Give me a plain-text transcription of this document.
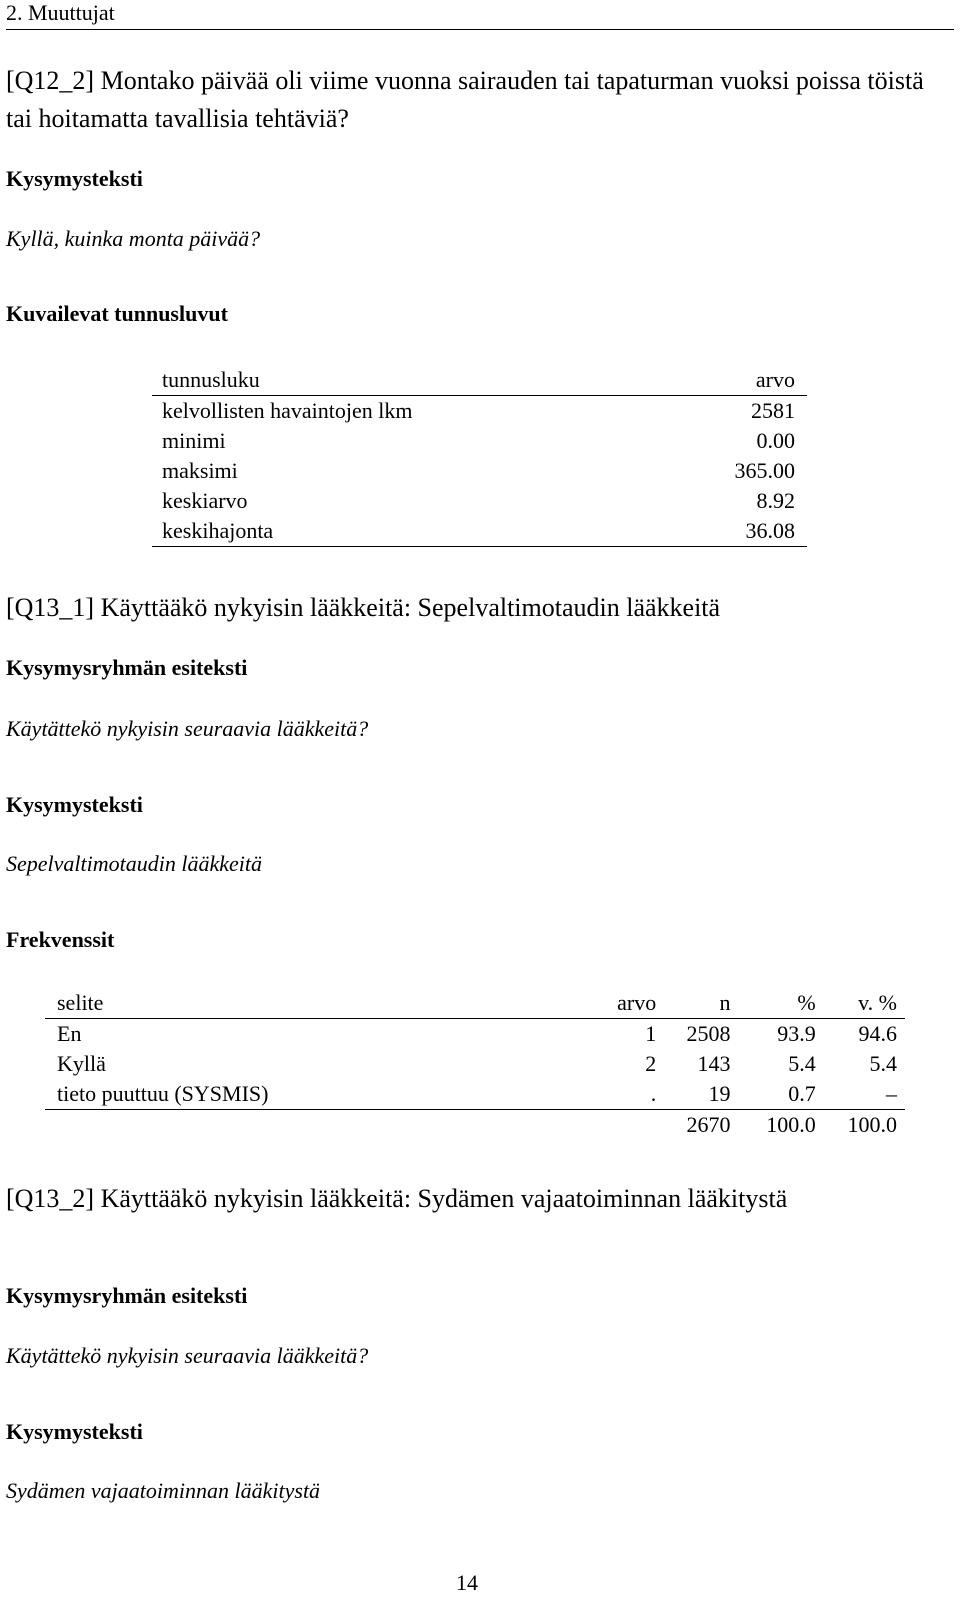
2. Muuttujat
[Q12_2] Montako päivää oli viime vuonna sairauden tai tapaturman vuoksi poissa töistä tai hoitamatta tavallisia tehtäviä?
Kysymysteksti
Kyllä, kuinka monta päivää?
Kuvailevat tunnusluvut
tunnusluku	arvo
kelvollisten havaintojen lkm	2581
minimi	0.00
maksimi	365.00
keskiarvo	8.92
keskihajonta	36.08
[Q13_1] Käyttääkö nykyisin lääkkeitä: Sepelvaltimotaudin lääkkeitä
Kysymysryhmän esiteksti
Käytättekö nykyisin seuraavia lääkkeitä?
Kysymysteksti
Sepelvaltimotaudin lääkkeitä
Frekvenssit
selite	arvo	n	%	v. %
En	1	2508	93.9	94.6
Kyllä	2	143	5.4	5.4
tieto puuttuu (SYSMIS)	.	19	0.7	–
		2670	100.0	100.0
[Q13_2] Käyttääkö nykyisin lääkkeitä: Sydämen vajaatoiminnan lääkitystä
Kysymysryhmän esiteksti
Käytättekö nykyisin seuraavia lääkkeitä?
Kysymysteksti
Sydämen vajaatoiminnan lääkitystä
14
